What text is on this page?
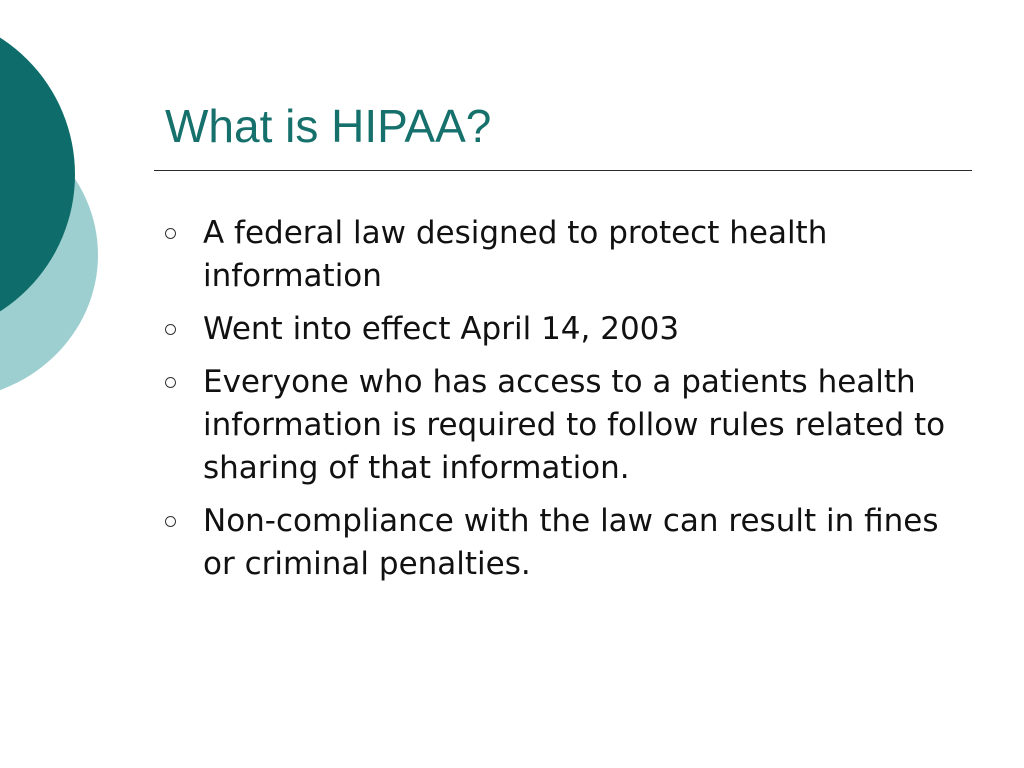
What is HIPAA?
A federal law designed to protect health information
Went into effect April 14, 2003
Everyone who has access to a patients health information is required to follow rules related to sharing of that information.
Non-compliance with the law can result in fines or criminal penalties.
